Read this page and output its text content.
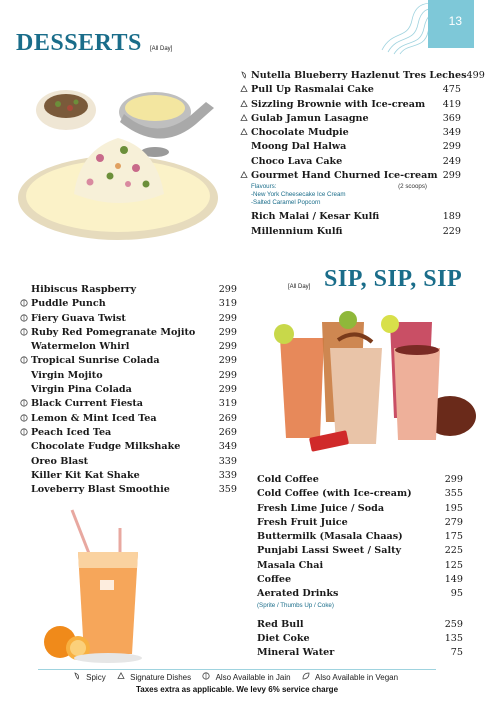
13
DESSERTS [All Day]
Nutella Blueberry Hazlenut Tres Leches 499
Pull Up Rasmalai Cake	475
Sizzling Brownie with Ice-cream 419
Gulab Jamun Lasagne	369
Chocolate Mudpie	349
Moong Dal Halwa	299
Choco Lava Cake	249
Gourmet Hand Churned Ice-cream 299
Flavours:	(2 scoops)
-New York Cheesecake Ice Cream
-Salted Caramel Popcorn
Rich Malai / Kesar Kulfi	189
Millennium Kulfi	229
[All Day] SIP, SIP, SIP
Hibiscus Raspberry	299
Puddle Punch	319
Fiery Guava Twist	299
Ruby Red Pomegranate Mojito 299
Watermelon Whirl	299
Tropical Sunrise Colada	299
Virgin Mojito	299
Virgin Pina Colada	299
Black Current Fiesta	319
Lemon & Mint Iced Tea	269
Peach Iced Tea	269
Chocolate Fudge Milkshake	349
Oreo Blast	339
Killer Kit Kat Shake	339
Loveberry Blast Smoothie	359
Cold Coffee	299
Cold Coffee (with Ice-cream)	355
Fresh Lime Juice / Soda	195
Fresh Fruit Juice	279
Buttermilk (Masala Chaas)	175
Punjabi Lassi Sweet / Salty	225
Masala Chai	125
Coffee	149
Aerated Drinks	95
(Sprite / Thumbs Up / Coke)
Red Bull	259
Diet Coke	135
Mineral Water	75
Spicy	Signature Dishes	Also Available in Jain	Also Available in Vegan
Taxes extra as applicable. We levy 6% service charge
